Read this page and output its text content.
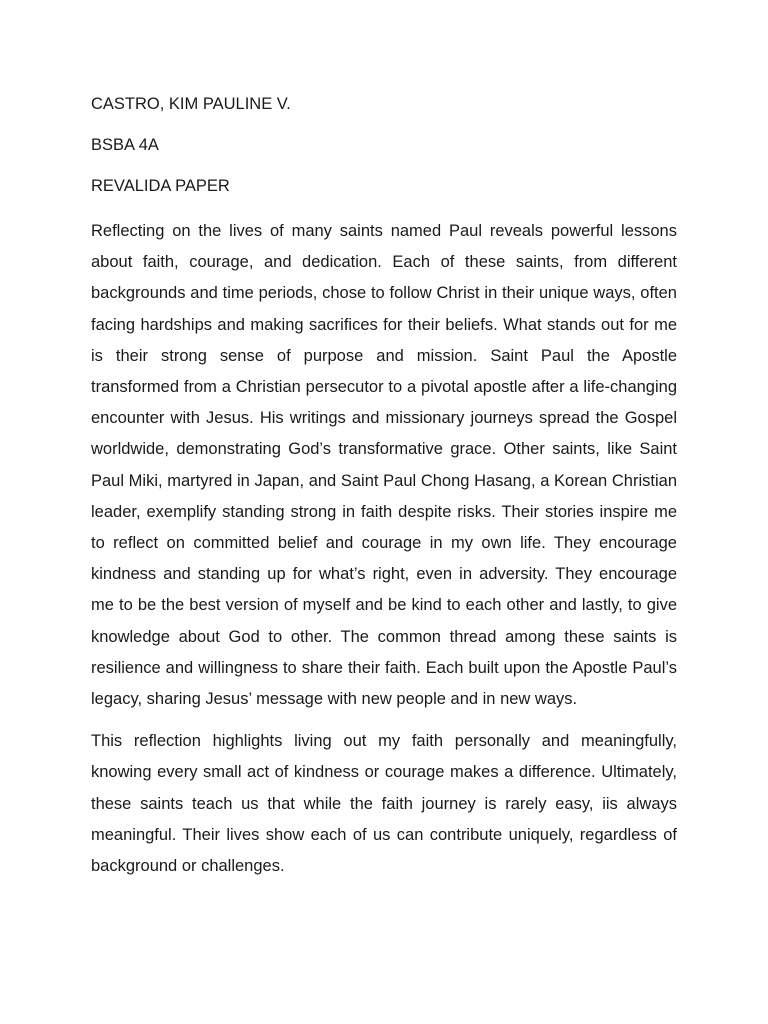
CASTRO, KIM PAULINE V.

BSBA 4A

REVALIDA PAPER

Reflecting on the lives of many saints named Paul reveals powerful lessons about faith, courage, and dedication. Each of these saints, from different backgrounds and time periods, chose to follow Christ in their unique ways, often facing hardships and making sacrifices for their beliefs. What stands out for me is their strong sense of purpose and mission. Saint Paul the Apostle transformed from a Christian persecutor to a pivotal apostle after a life-changing encounter with Jesus. His writings and missionary journeys spread the Gospel worldwide, demonstrating God’s transformative grace. Other saints, like Saint Paul Miki, martyred in Japan, and Saint Paul Chong Hasang, a Korean Christian leader, exemplify standing strong in faith despite risks. Their stories inspire me to reflect on committed belief and courage in my own life. They encourage kindness and standing up for what’s right, even in adversity. They encourage me to be the best version of myself and be kind to each other and lastly, to give knowledge about God to other. The common thread among these saints is resilience and willingness to share their faith. Each built upon the Apostle Paul’s legacy, sharing Jesus’ message with new people and in new ways.

This reflection highlights living out my faith personally and meaningfully, knowing every small act of kindness or courage makes a difference. Ultimately, these saints teach us that while the faith journey is rarely easy, iis always meaningful. Their lives show each of us can contribute uniquely, regardless of background or challenges.
